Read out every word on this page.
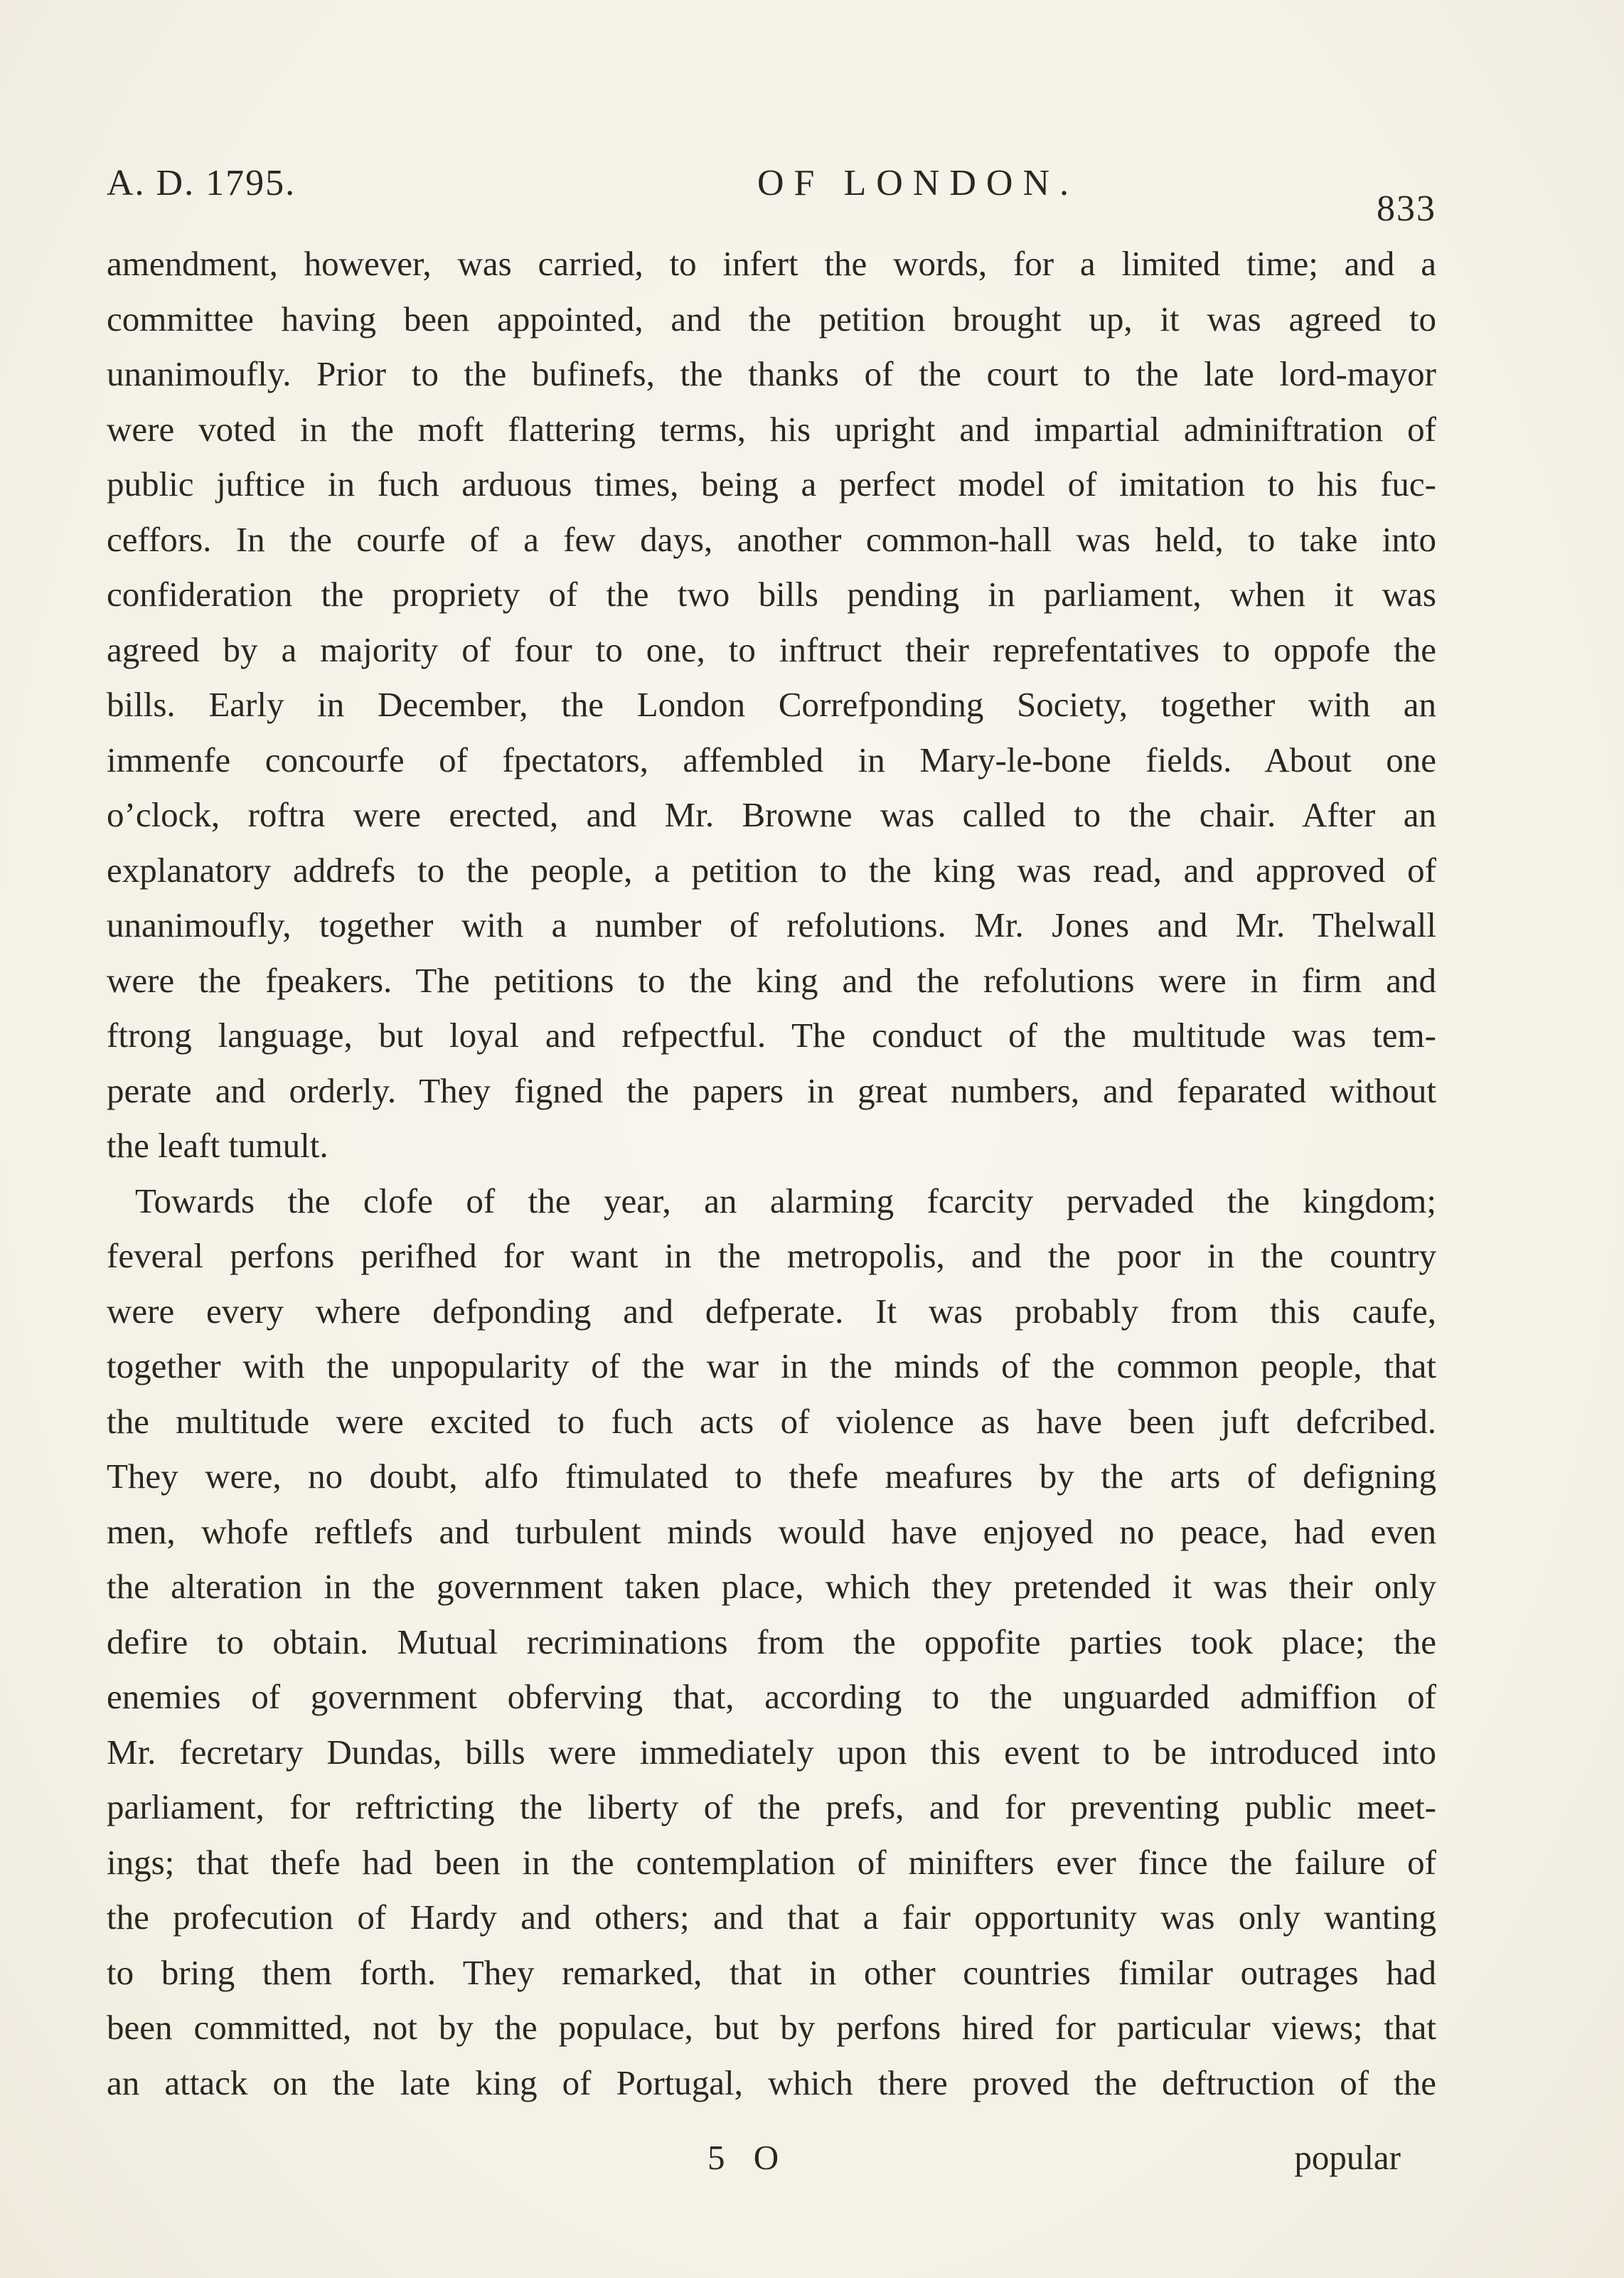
A. D. 1795.	OF LONDON.
833
amendment, however, was carried, to infert the words, for a limited time; and a
committee having been appointed, and the petition brought up, it was agreed to
unanimoufly. Prior to the bufinefs, the thanks of the court to the late lord-mayor
were voted in the moft flattering terms, his upright and impartial adminiftration of
public juftice in fuch arduous times, being a perfect model of imitation to his fuc-
ceffors. In the courfe of a few days, another common-hall was held, to take into
confideration the propriety of the two bills pending in parliament, when it was
agreed by a majority of four to one, to inftruct their reprefentatives to oppofe the
bills. Early in December, the London Correfponding Society, together with an
immenfe concourfe of fpectators, affembled in Mary-le-bone fields. About one
o’clock, roftra were erected, and Mr. Browne was called to the chair. After an
explanatory addrefs to the people, a petition to the king was read, and approved of
unanimoufly, together with a number of refolutions. Mr. Jones and Mr. Thelwall
were the fpeakers. The petitions to the king and the refolutions were in firm and
ftrong language, but loyal and refpectful. The conduct of the multitude was tem-
perate and orderly. They figned the papers in great numbers, and feparated without
the leaft tumult.
Towards the clofe of the year, an alarming fcarcity pervaded the kingdom;
feveral perfons perifhed for want in the metropolis, and the poor in the country
were every where defponding and defperate. It was probably from this caufe,
together with the unpopularity of the war in the minds of the common people, that
the multitude were excited to fuch acts of violence as have been juft defcribed.
They were, no doubt, alfo ftimulated to thefe meafures by the arts of defigning
men, whofe reftlefs and turbulent minds would have enjoyed no peace, had even
the alteration in the government taken place, which they pretended it was their only
defire to obtain. Mutual recriminations from the oppofite parties took place; the
enemies of government obferving that, according to the unguarded admiffion of
Mr. fecretary Dundas, bills were immediately upon this event to be introduced into
parliament, for reftricting the liberty of the prefs, and for preventing public meet-
ings; that thefe had been in the contemplation of minifters ever fince the failure of
the profecution of Hardy and others; and that a fair opportunity was only wanting
to bring them forth. They remarked, that in other countries fimilar outrages had
been committed, not by the populace, but by perfons hired for particular views; that
an attack on the late king of Portugal, which there proved the deftruction of the
5 O	popular
